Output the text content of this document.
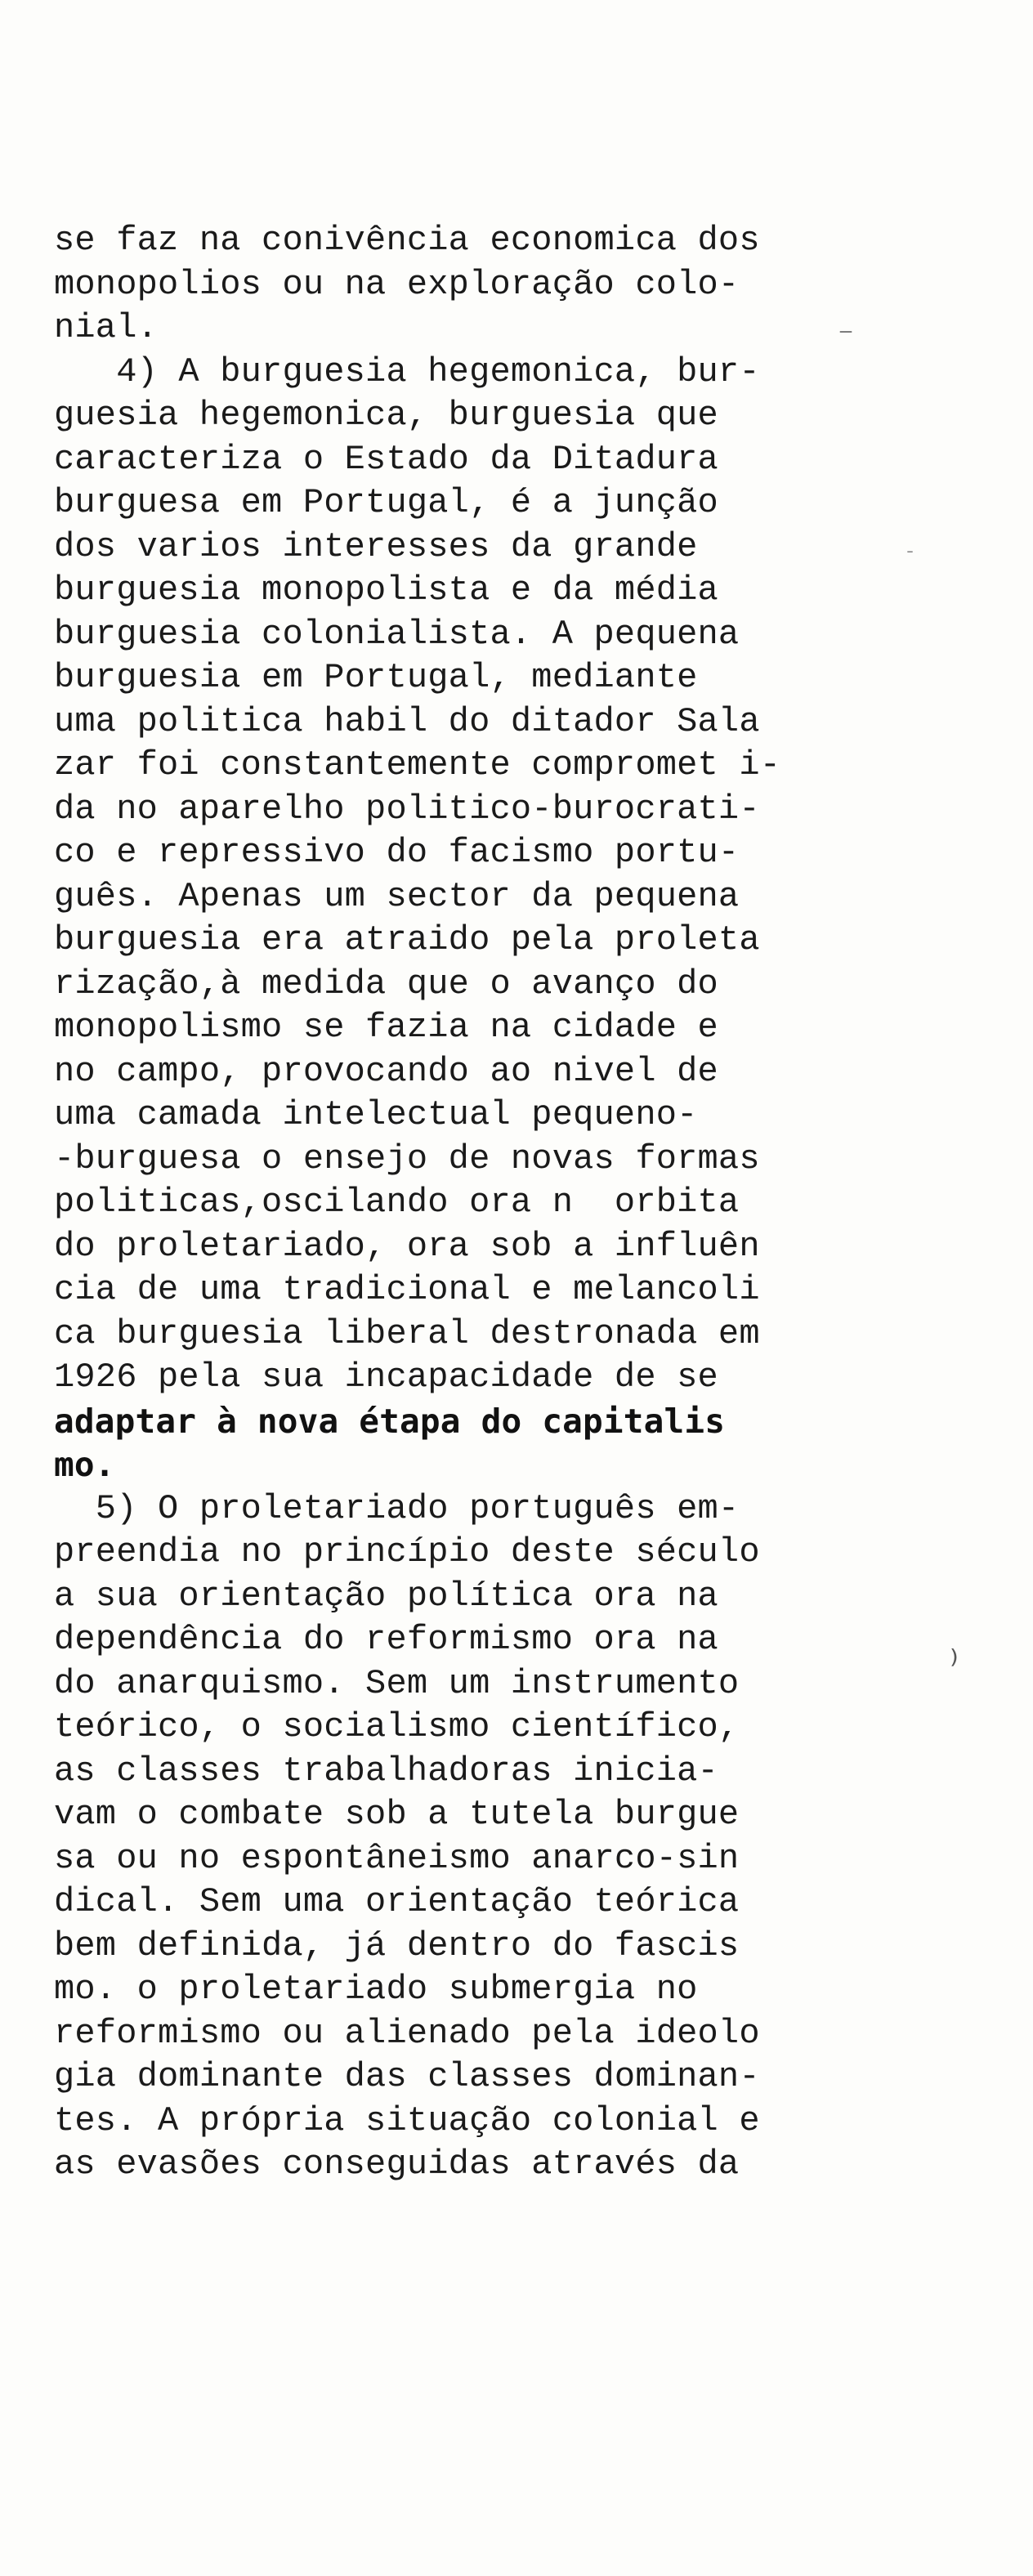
se faz na conivência economica dos
monopolios ou na exploração colo-
nial.
4) A burguesia hegemonica, bur-
guesia hegemonica, burguesia que
caracteriza o Estado da Ditadura
burguesa em Portugal, é a junção
dos varios interesses da grande
burguesia monopolista e da média
burguesia colonialista. A pequena
burguesia em Portugal, mediante
uma politica habil do ditador Sala
zar foi constantemente compromet i-
da no aparelho politico-burocrati-
co e repressivo do facismo portu-
guês. Apenas um sector da pequena
burguesia era atraido pela proleta
rização,à medida que o avanço do
monopolismo se fazia na cidade e
no campo, provocando ao nivel de
uma camada intelectual pequeno-
-burguesa o ensejo de novas formas
politicas,oscilando ora n  orbita
do proletariado, ora sob a influên
cia de uma tradicional e melancoli
ca burguesia liberal destronada em
1926 pela sua incapacidade de se
adaptar à nova étapa do capitalis
mo.
5) O proletariado português em-
preendia no princípio deste século
a sua orientação política ora na
dependência do reformismo ora na
do anarquismo. Sem um instrumento
teórico, o socialismo científico,
as classes trabalhadoras inicia-
vam o combate sob a tutela burgue
sa ou no espontâneismo anarco-sin
dical. Sem uma orientação teórica
bem definida, já dentro do fascis
mo. o proletariado submergia no
reformismo ou alienado pela ideolo
gia dominante das classes dominan-
tes. A própria situação colonial e
as evasões conseguidas através da
⁾
ˉ
‾
